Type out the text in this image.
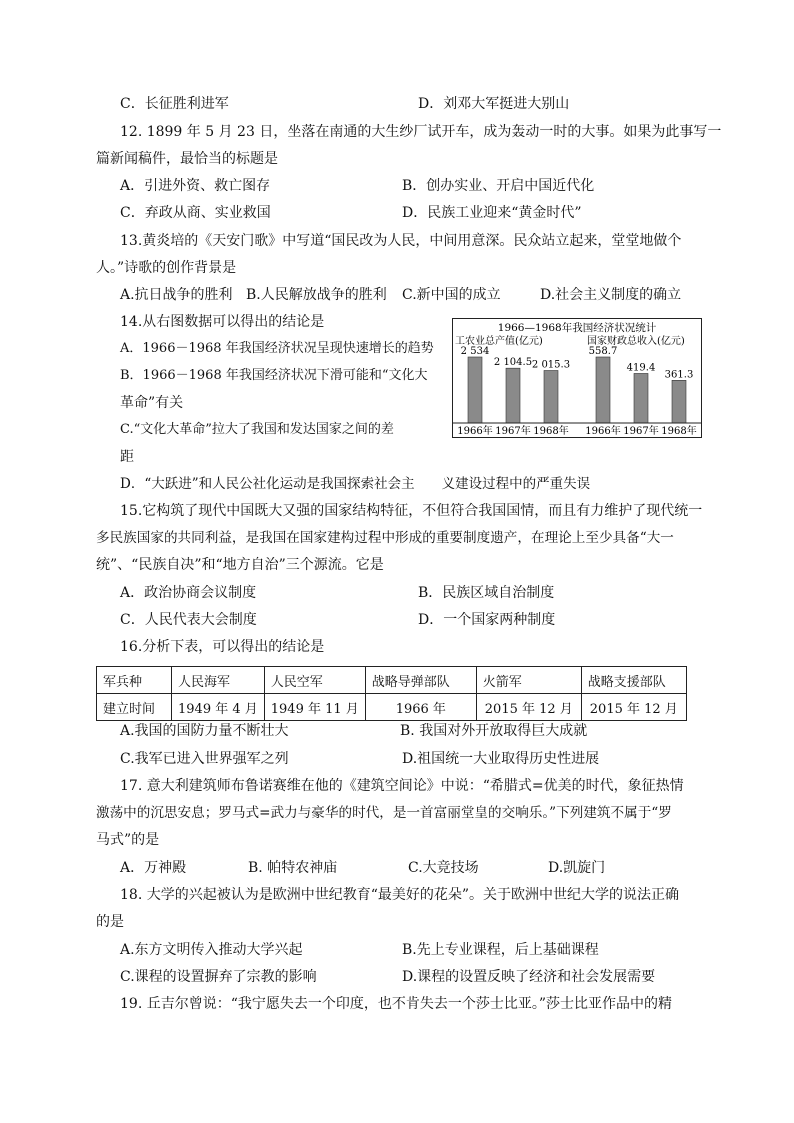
C．长征胜利进军	D．刘邓大军挺进大别山
12. 1899 年 5 月 23 日，坐落在南通的大生纱厂试开车，成为轰动一时的大事。如果为此事写一
篇新闻稿件，最恰当的标题是
A．引进外资、救亡图存	B．创办实业、开启中国近代化
C．弃政从商、实业救国	D．民族工业迎来“黄金时代”
13.黄炎培的《天安门歌》中写道“国民改为人民，中间用意深。民众站立起来，堂堂地做个
人。”诗歌的创作背景是
A.抗日战争的胜利 B.人民解放战争的胜利 C.新中国的成立	D.社会主义制度的确立
14.从右图数据可以得出的结论是
A．1966－1968 年我国经济状况呈现快速增长的趋势
B．1966－1968 年我国经济状况下滑可能和“文化大
革命”有关
C.“文化大革命”拉大了我国和发达国家之间的差
距
D．“大跃进”和人民公社化运动是我国探索社会主　　义建设过程中的严重失误
1966—1968年我国经济状况统计
工农业总产值(亿元)
2 534
1966年
2 104.5
1967年
2 015.3
1968年
国家财政总收入(亿元)
558.7
1966年
419.4
1967年
361.3
1968年
15.它构筑了现代中国既大又强的国家结构特征，不但符合我国国情，而且有力维护了现代统一
多民族国家的共同利益，是我国在国家建构过程中形成的重要制度遗产，在理论上至少具备“大一
统”、“民族自决”和“地方自治”三个源流。它是
A．政治协商会议制度	B．民族区域自治制度
C．人民代表大会制度	D．一个国家两种制度
16.分析下表，可以得出的结论是
军兵种	人民海军	人民空军	战略导弹部队	火箭军	战略支援部队
建立时间	1949 年 4 月	1949 年 11 月	1966 年	2015 年 12 月	2015 年 12 月
A.我国的国防力量不断壮大	B. 我国对外开放取得巨大成就
C.我军已进入世界强军之列	D.祖国统一大业取得历史性进展
17. 意大利建筑师布鲁诺赛维在他的《建筑空间论》中说：“希腊式=优美的时代，象征热情
激荡中的沉思安息；罗马式=武力与豪华的时代，是一首富丽堂皇的交响乐。”下列建筑不属于“罗
马式”的是
A．万神殿	B. 帕特农神庙	C.大竞技场	D.凯旋门
18. 大学的兴起被认为是欧洲中世纪教育“最美好的花朵”。关于欧洲中世纪大学的说法正确
的是
A.东方文明传入推动大学兴起	B.先上专业课程，后上基础课程
C.课程的设置摒弃了宗教的影响	D.课程的设置反映了经济和社会发展需要
19. 丘吉尔曾说：“我宁愿失去一个印度，也不肯失去一个莎士比亚。”莎士比亚作品中的精
